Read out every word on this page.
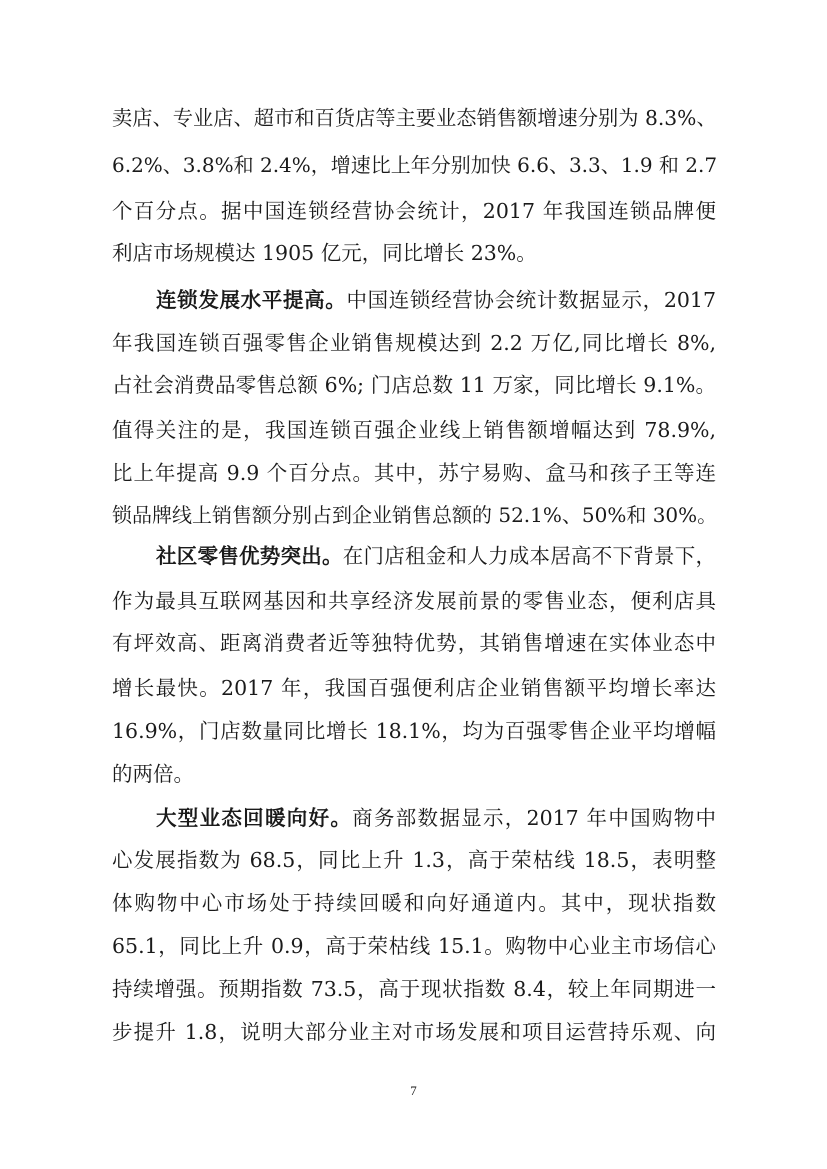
卖店、专业店、超市和百货店等主要业态销售额增速分别为 8.3%、
6.2%、3.8%和 2.4%，增速比上年分别加快 6.6、3.3、1.9 和 2.7
个百分点。据中国连锁经营协会统计，2017 年我国连锁品牌便
利店市场规模达 1905 亿元，同比增长 23%。
连锁发展水平提高。中国连锁经营协会统计数据显示，2017
年我国连锁百强零售企业销售规模达到 2.2 万亿,同比增长 8%,
占社会消费品零售总额 6%; 门店总数 11 万家，同比增长 9.1%。
值得关注的是，我国连锁百强企业线上销售额增幅达到 78.9%,
比上年提高 9.9 个百分点。其中，苏宁易购、盒马和孩子王等连
锁品牌线上销售额分别占到企业销售总额的 52.1%、50%和 30%。
社区零售优势突出。在门店租金和人力成本居高不下背景下，
作为最具互联网基因和共享经济发展前景的零售业态，便利店具
有坪效高、距离消费者近等独特优势，其销售增速在实体业态中
增长最快。2017 年，我国百强便利店企业销售额平均增长率达
16.9%，门店数量同比增长 18.1%，均为百强零售企业平均增幅
的两倍。
大型业态回暖向好。商务部数据显示，2017 年中国购物中
心发展指数为 68.5，同比上升 1.3，高于荣枯线 18.5，表明整
体购物中心市场处于持续回暖和向好通道内。其中，现状指数
65.1，同比上升 0.9，高于荣枯线 15.1。购物中心业主市场信心
持续增强。预期指数 73.5，高于现状指数 8.4，较上年同期进一
步提升 1.8，说明大部分业主对市场发展和项目运营持乐观、向
7
